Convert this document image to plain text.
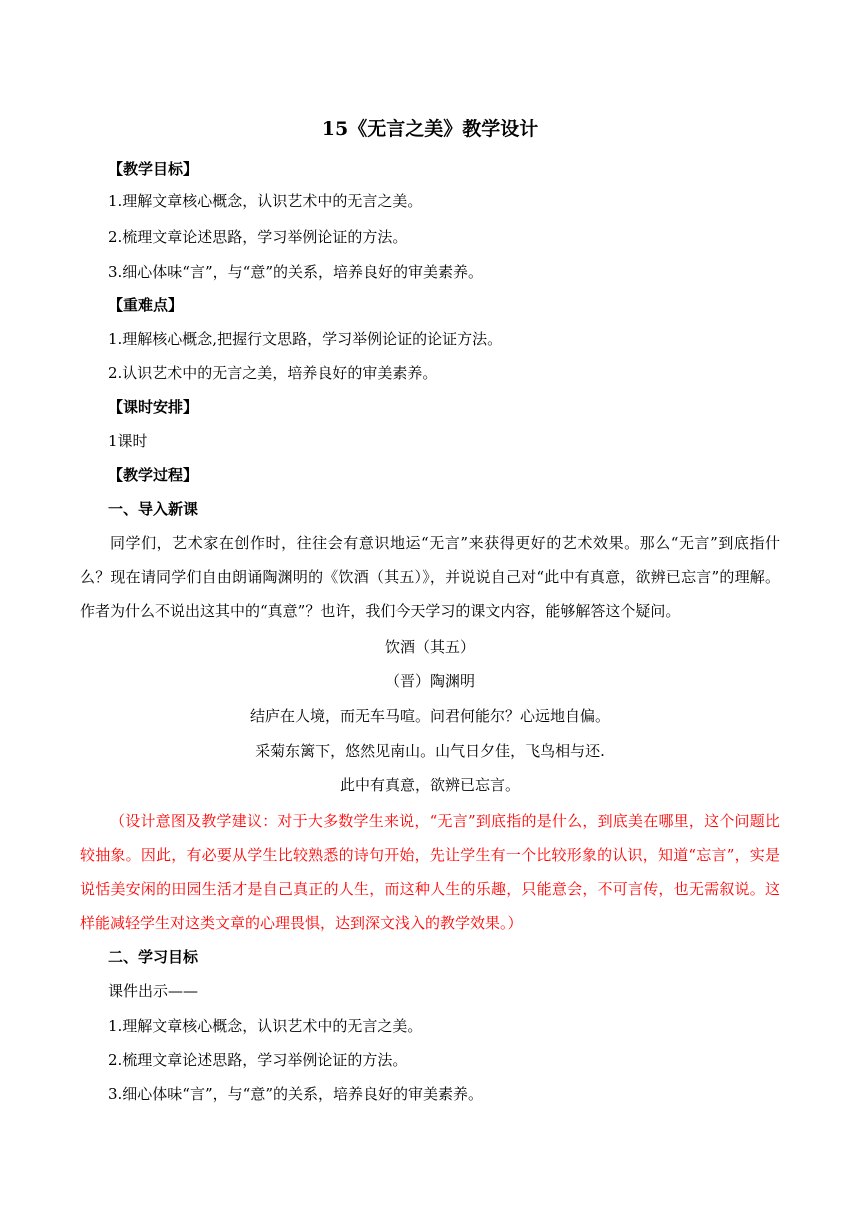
15《无言之美》教学设计
【教学目标】
1.理解文章核心概念，认识艺术中的无言之美。
2.梳理文章论述思路，学习举例论证的方法。
3.细心体味“言”，与“意”的关系，培养良好的审美素养。
【重难点】
1.理解核心概念,把握行文思路，学习举例论证的论证方法。
2.认识艺术中的无言之美，培养良好的审美素养。
【课时安排】
1课时
【教学过程】
一、导入新课
同学们，艺术家在创作时，往往会有意识地运“无言”来获得更好的艺术效果。那么“无言”到底指什么？现在请同学们自由朗诵陶渊明的《饮酒（其五）》，并说说自己对“此中有真意，欲辨已忘言”的理解。作者为什么不说出这其中的“真意”？也许，我们今天学习的课文内容，能够解答这个疑问。
饮酒（其五）
（晋）陶渊明
结庐在人境，而无车马喧。问君何能尔？心远地自偏。
采菊东篱下，悠然见南山。山气日夕佳，飞鸟相与还.
此中有真意，欲辨已忘言。
（设计意图及教学建议：对于大多数学生来说，“无言”到底指的是什么，到底美在哪里，这个问题比较抽象。因此，有必要从学生比较熟悉的诗句开始，先让学生有一个比较形象的认识，知道“忘言”，实是说恬美安闲的田园生活才是自己真正的人生，而这种人生的乐趣，只能意会，不可言传，也无需叙说。这样能减轻学生对这类文章的心理畏惧，达到深文浅入的教学效果。）
二、学习目标
课件出示——
1.理解文章核心概念，认识艺术中的无言之美。
2.梳理文章论述思路，学习举例论证的方法。
3.细心体味“言”，与“意”的关系，培养良好的审美素养。
